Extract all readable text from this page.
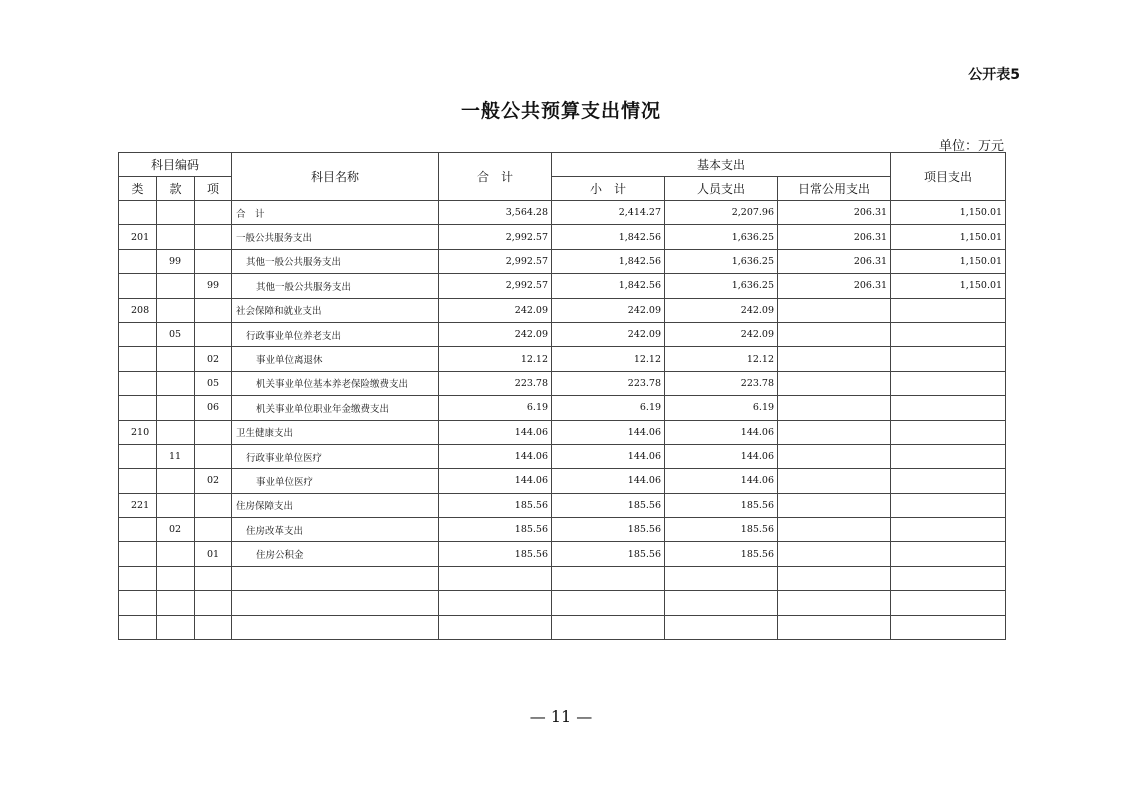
公开表5
一般公共预算支出情况
单位：万元
科目编码			科目名称	合　计	基本支出			项目支出
类	款	项			小　计	人员支出	日常公用支出	
			合　计	3,564.28	2,414.27	2,207.96	206.31	1,150.01
201			一般公共服务支出	2,992.57	1,842.56	1,636.25	206.31	1,150.01
	99		其他一般公共服务支出	2,992.57	1,842.56	1,636.25	206.31	1,150.01
		99	其他一般公共服务支出	2,992.57	1,842.56	1,636.25	206.31	1,150.01
208			社会保障和就业支出	242.09	242.09	242.09		
	05		行政事业单位养老支出	242.09	242.09	242.09		
		02	事业单位离退休	12.12	12.12	12.12		
		05	机关事业单位基本养老保险缴费支出	223.78	223.78	223.78		
		06	机关事业单位职业年金缴费支出	6.19	6.19	6.19		
210			卫生健康支出	144.06	144.06	144.06		
	11		行政事业单位医疗	144.06	144.06	144.06		
		02	事业单位医疗	144.06	144.06	144.06		
221			住房保障支出	185.56	185.56	185.56		
	02		住房改革支出	185.56	185.56	185.56		
		01	住房公积金	185.56	185.56	185.56		

— 11 —
